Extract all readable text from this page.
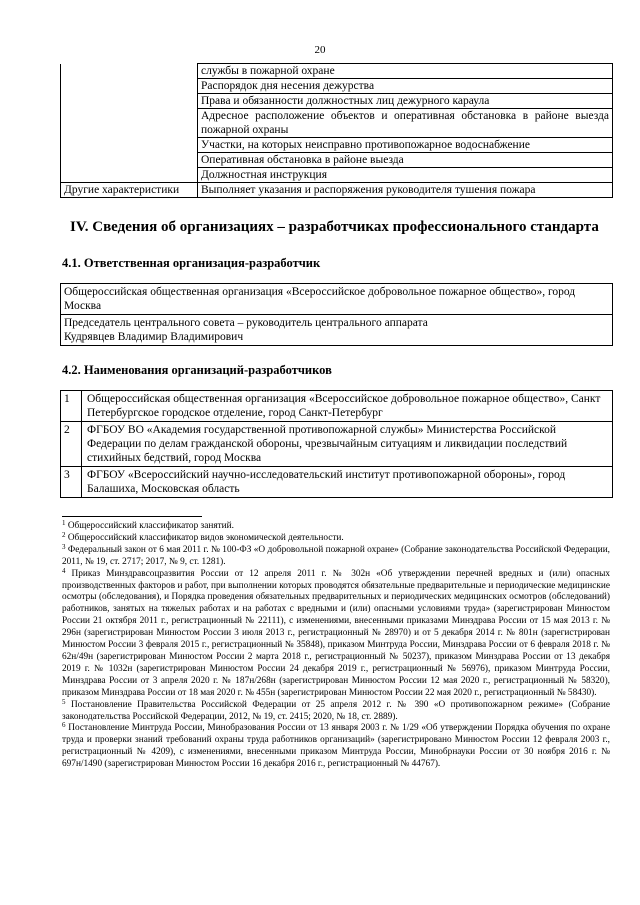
20
	службы в пожарной охране
	Распорядок дня несения дежурства
	Права и обязанности должностных лиц дежурного караула
	Адресное расположение объектов и оперативная обстановка в районе выезда пожарной охраны
	Участки, на которых неисправно противопожарное водоснабжение
	Оперативная обстановка в районе выезда
	Должностная инструкция
Другие характеристики	Выполняет указания и распоряжения руководителя тушения пожара
IV. Сведения об организациях – разработчиках профессионального стандарта
4.1. Ответственная организация-разработчик
Общероссийская общественная организация «Всероссийское добровольное пожарное общество», город Москва

Председатель центрального совета – руководитель центрального аппарата
Кудрявцев Владимир Владимирович
4.2. Наименования организаций-разработчиков
1	Общероссийская общественная организация «Всероссийское добровольное пожарное общество», Санкт Петербургское городское отделение, город Санкт-Петербург
2	ФГБОУ ВО «Академия государственной противопожарной службы» Министерства Российской Федерации по делам гражданской обороны, чрезвычайным ситуациям и ликвидации последствий стихийных бедствий, город Москва
3	ФГБОУ «Всероссийский научно-исследовательский институт противопожарной обороны», город Балашиха, Московская область

$^1$ Общероссийский классификатор занятий.

$^2$ Общероссийский классификатор видов экономической деятельности.

$^3$ Федеральный закон от 6 мая 2011 г. № 100-ФЗ «О добровольной пожарной охране» (Собрание законодательства Российской Федерации, 2011, № 19, ст. 2717; 2017, № 9, ст. 1281).

$^4$ Приказ Минздравсоцразвития России от 12 апреля 2011 г. № 302н «Об утверждении перечней вредных и (или) опасных производственных факторов и работ, при выполнении которых проводятся обязательные предварительные и периодические медицинские осмотры (обследования), и Порядка проведения обязательных предварительных и периодических медицинских осмотров (обследований) работников, занятых на тяжелых работах и на работах с вредными и (или) опасными условиями труда» (зарегистрирован Минюстом России 21 октября 2011 г., регистрационный № 22111), с изменениями, внесенными приказами Минздрава России от 15 мая 2013 г. № 296н (зарегистрирован Минюстом России 3 июля 2013 г., регистрационный № 28970) и от 5 декабря 2014 г. № 801н (зарегистрирован Минюстом России 3 февраля 2015 г., регистрационный № 35848), приказом Минтруда России, Минздрава России от 6 февраля 2018 г. № 62н/49н (зарегистрирован Минюстом России 2 марта 2018 г., регистрационный № 50237), приказом Минздрава России от 13 декабря 2019 г. № 1032н (зарегистрирован Минюстом России 24 декабря 2019 г., регистрационный № 56976), приказом Минтруда России, Минздрава России от 3 апреля 2020 г. № 187н/268н (зарегистрирован Минюстом России 12 мая 2020 г., регистрационный № 58320), приказом Минздрава России от 18 мая 2020 г. № 455н (зарегистрирован Минюстом России 22 мая 2020 г., регистрационный № 58430).

$^5$ Постановление Правительства Российской Федерации от 25 апреля 2012 г. № 390 «О противопожарном режиме» (Собрание законодательства Российской Федерации, 2012, № 19, ст. 2415; 2020, № 18, ст. 2889).

$^6$ Постановление Минтруда России, Минобразования России от 13 января 2003 г. № 1/29 «Об утверждении Порядка обучения по охране труда и проверки знаний требований охраны труда работников организаций» (зарегистрировано Минюстом России 12 февраля 2003 г., регистрационный № 4209), с изменениями, внесенными приказом Минтруда России, Минобрнауки России от 30 ноября 2016 г. № 697н/1490 (зарегистрирован Минюстом России 16 декабря 2016 г., регистрационный № 44767).
